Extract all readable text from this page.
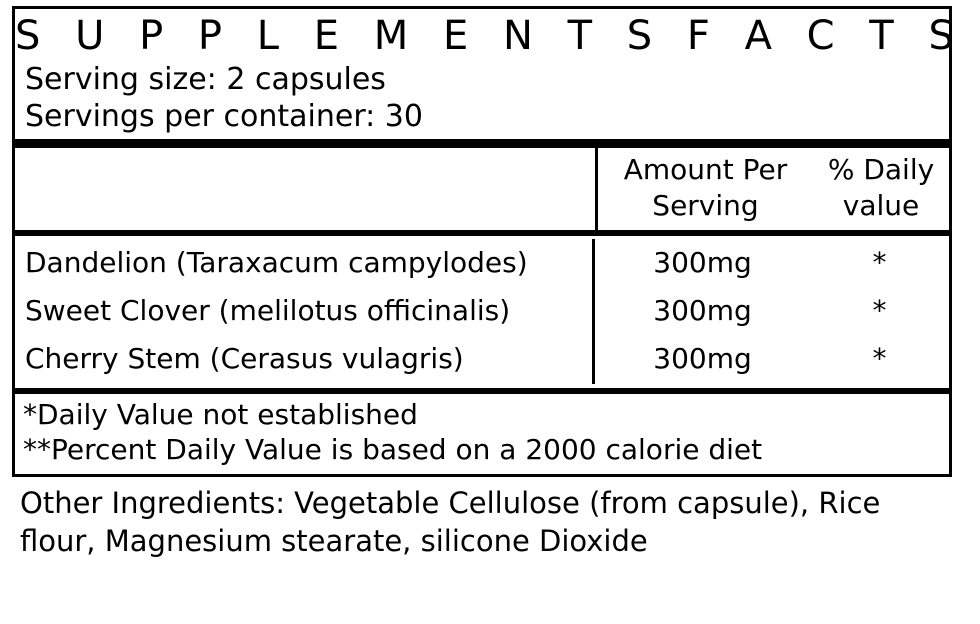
S U P P L E M E N T S F A C T S
Serving size: 2 capsules
Servings per container: 30
Amount Per
Serving
% Daily
value
Dandelion (Taraxacum campylodes)
Sweet Clover (melilotus officinalis)
Cherry Stem (Cerasus vulagris)
300mg
300mg
300mg
*
*
*
*Daily Value not established
**Percent Daily Value is based on a 2000 calorie diet
Other Ingredients: Vegetable Cellulose (from capsule), Rice flour, Magnesium stearate, silicone Dioxide
